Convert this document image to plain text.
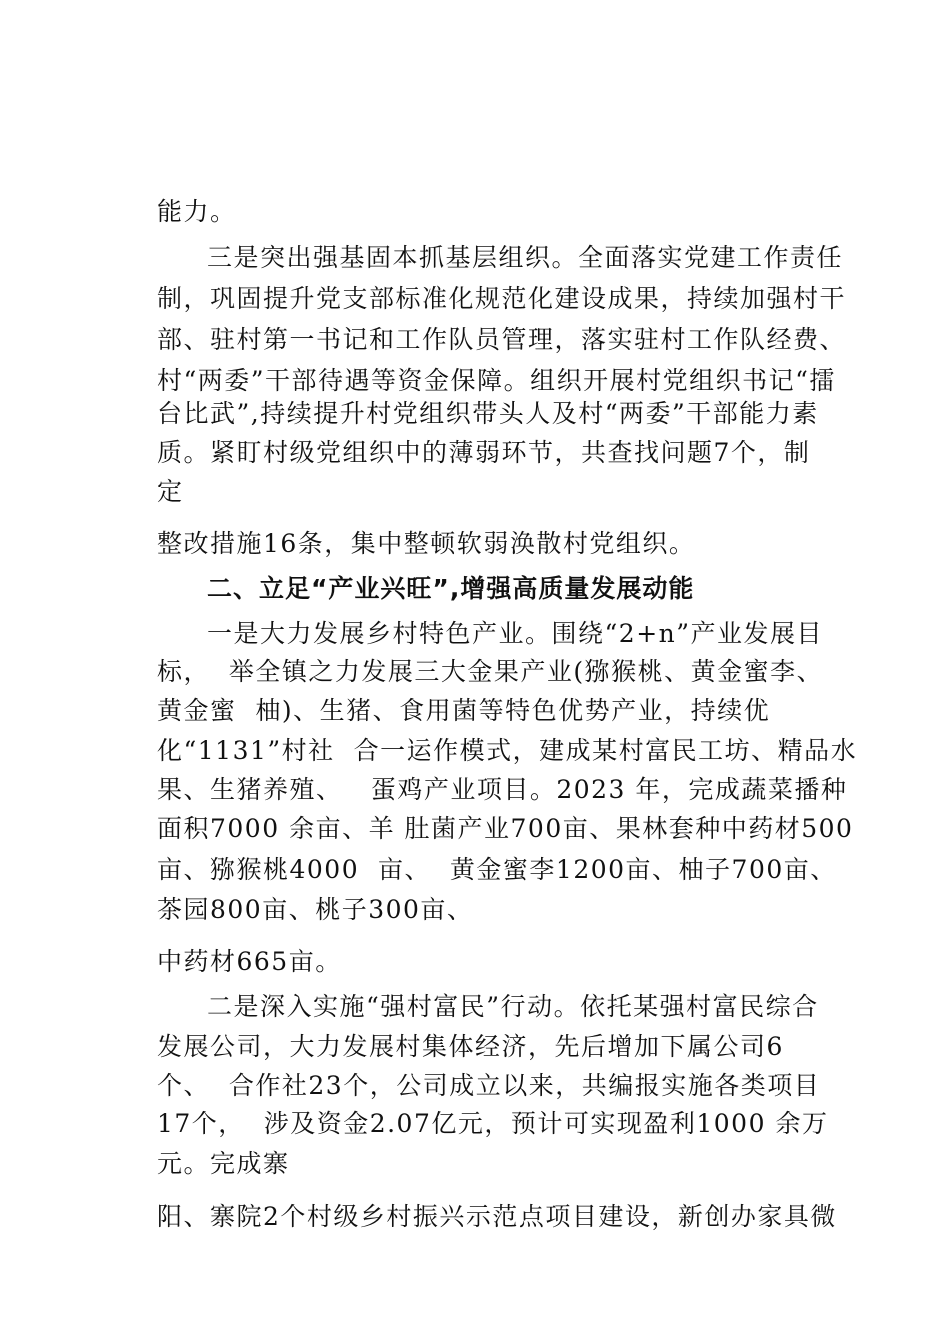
能力。

三是突出强基固本抓基层组织。全面落实党建工作责任

制，巩固提升党支部标准化规范化建设成果，持续加强村干

部、驻村第一书记和工作队员管理，落实驻村工作队经费、

村“两委”干部待遇等资金保障。组织开展村党组织书记“擂

台比武”,持续提升村党组织带头人及村“两委”干部能力素

质。紧盯村级党组织中的薄弱环节，共查找问题7个，制

定

整改措施16条，集中整顿软弱涣散村党组织。

二、立足“产业兴旺”,增强高质量发展动能

一是大力发展乡村特色产业。围绕“2+n”产业发展目

标，  举全镇之力发展三大金果产业(猕猴桃、黄金蜜李、

黄金蜜  柚)、生猪、食用菌等特色优势产业，持续优

化“1131”村社  合一运作模式，建成某村富民工坊、精品水

果、生猪养殖、   蛋鸡产业项目。2023 年，完成蔬菜播种

面积7000 余亩、羊 肚菌产业700亩、果林套种中药材500

亩、猕猴桃4000  亩、  黄金蜜李1200亩、柚子700亩、

茶园800亩、桃子300亩、

中药材665亩。

二是深入实施“强村富民”行动。依托某强村富民综合

发展公司，大力发展村集体经济，先后增加下属公司6

个、  合作社23个，公司成立以来，共编报实施各类项目

17个，  涉及资金2.07亿元，预计可实现盈利1000 余万

元。完成寨

阳、寨院2个村级乡村振兴示范点项目建设，新创办家具微
